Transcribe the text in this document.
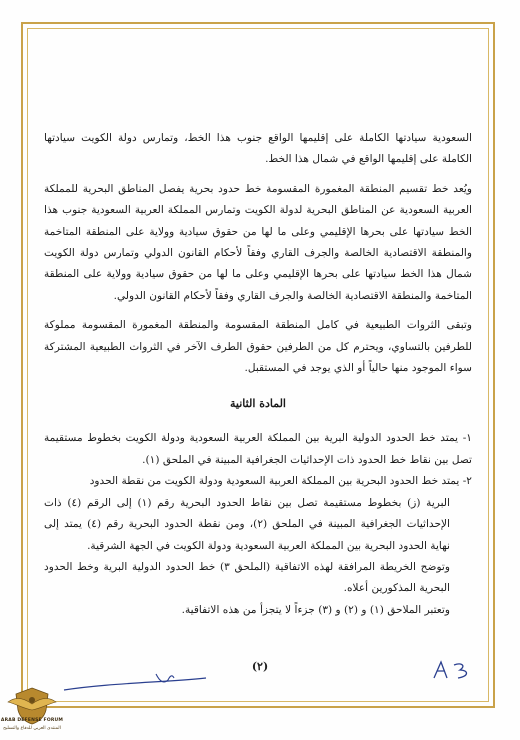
السعودية سيادتها الكاملة على إقليمها الواقع جنوب هذا الخط، وتمارس دولة الكويت سيادتها الكاملة على إقليمها الواقع في شمال هذا الخط.

ويُعد خط تقسيم المنطقة المغمورة المقسومة خط حدود بحرية يفصل المناطق البحرية للمملكة العربية السعودية عن المناطق البحرية لدولة الكويت وتمارس المملكة العربية السعودية جنوب هذا الخط سيادتها على بحرها الإقليمي وعلى ما لها من حقوق سيادية وولاية على المنطقة المتاخمة والمنطقة الاقتصادية الخالصة والجرف القاري وفقاً لأحكام القانون الدولي وتمارس دولة الكويت شمال هذا الخط سيادتها على بحرها الإقليمي وعلى ما لها من حقوق سيادية وولاية على المنطقة المتاخمة والمنطقة الاقتصادية الخالصة والجرف القاري وفقاً لأحكام القانون الدولي.

وتبقى الثروات الطبيعية في كامل المنطقة المقسومة والمنطقة المغمورة المقسومة مملوكة للطرفين بالتساوي، ويحترم كل من الطرفين حقوق الطرف الآخر في الثروات الطبيعية المشتركة سواء الموجود منها حالياً أو الذي يوجد في المستقبل.

المادة الثانية

١- يمتد خط الحدود الدولية البرية بين المملكة العربية السعودية ودولة الكويت بخطوط مستقيمة تصل بين نقاط خط الحدود ذات الإحداثيات الجغرافية المبينة في الملحق (١).

٢- يمتد خط الحدود البحرية بين المملكة العربية السعودية ودولة الكويت من نقطة الحدود

البرية (ز) بخطوط مستقيمة تصل بين نقاط الحدود البحرية رقم (١) إلى الرقم (٤) ذات الإحداثيات الجغرافية المبينة في الملحق (٢)، ومن نقطة الحدود البحرية رقم (٤) يمتد إلى نهاية الحدود البحرية بين المملكة العربية السعودية ودولة الكويت في الجهة الشرقية.

وتوضح الخريطة المرافقة لهذه الاتفاقية (الملحق ٣) خط الحدود الدولية البرية وخط الحدود البحرية المذكورين أعلاه.

وتعتبر الملاحق (١) و (٢) و (٣) جزءاً لا يتجزأ من هذه الاتفاقية.

(٢)
ARAB DEFENSE FORUM
المنتدى العربي للدفاع والتسليح
